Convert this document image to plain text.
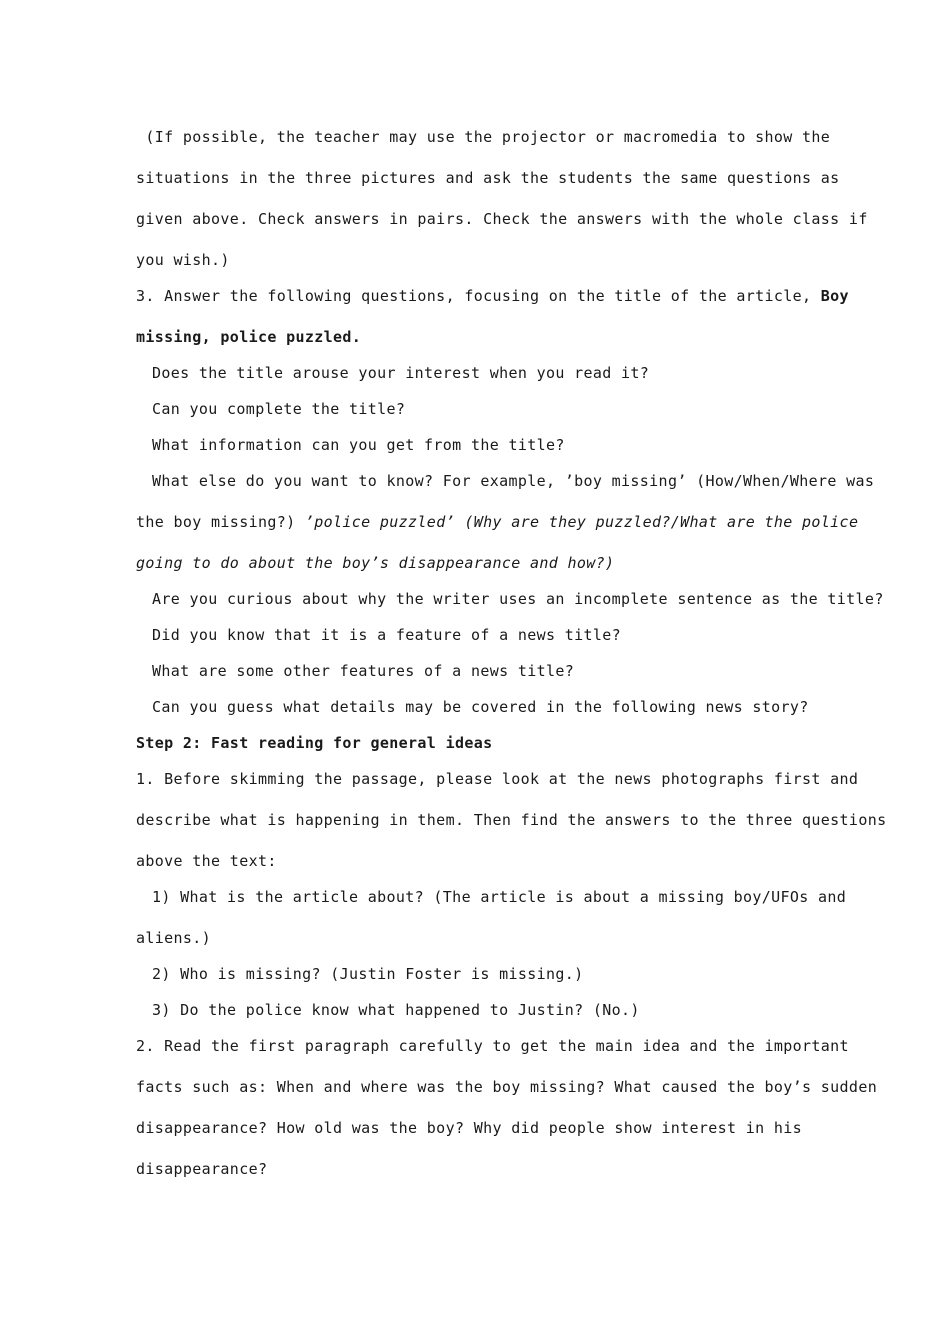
(If possible, the teacher may use the projector or macromedia to show the
situations in the three pictures and ask the students the same questions as
given above. Check answers in pairs. Check the answers with the whole class if
you wish.)
3. Answer the following questions, focusing on the title of the article, Boy
missing, police puzzled.
Does the title arouse your interest when you read it?
Can you complete the title?
What information can you get from the title?
What else do you want to know? For example, ’boy missing’ (How/When/Where was
the boy missing?) ’police puzzled’ (Why are they puzzled?/What are the police
going to do about the boy’s disappearance and how?)
Are you curious about why the writer uses an incomplete sentence as the title?
Did you know that it is a feature of a news title?
What are some other features of a news title?
Can you guess what details may be covered in the following news story?
Step 2: Fast reading for general ideas
1. Before skimming the passage, please look at the news photographs first and
describe what is happening in them. Then find the answers to the three questions
above the text:
1) What is the article about? (The article is about a missing boy/UFOs and
aliens.)
2) Who is missing? (Justin Foster is missing.)
3) Do the police know what happened to Justin? (No.)
2. Read the first paragraph carefully to get the main idea and the important
facts such as: When and where was the boy missing? What caused the boy’s sudden
disappearance? How old was the boy? Why did people show interest in his
disappearance?
